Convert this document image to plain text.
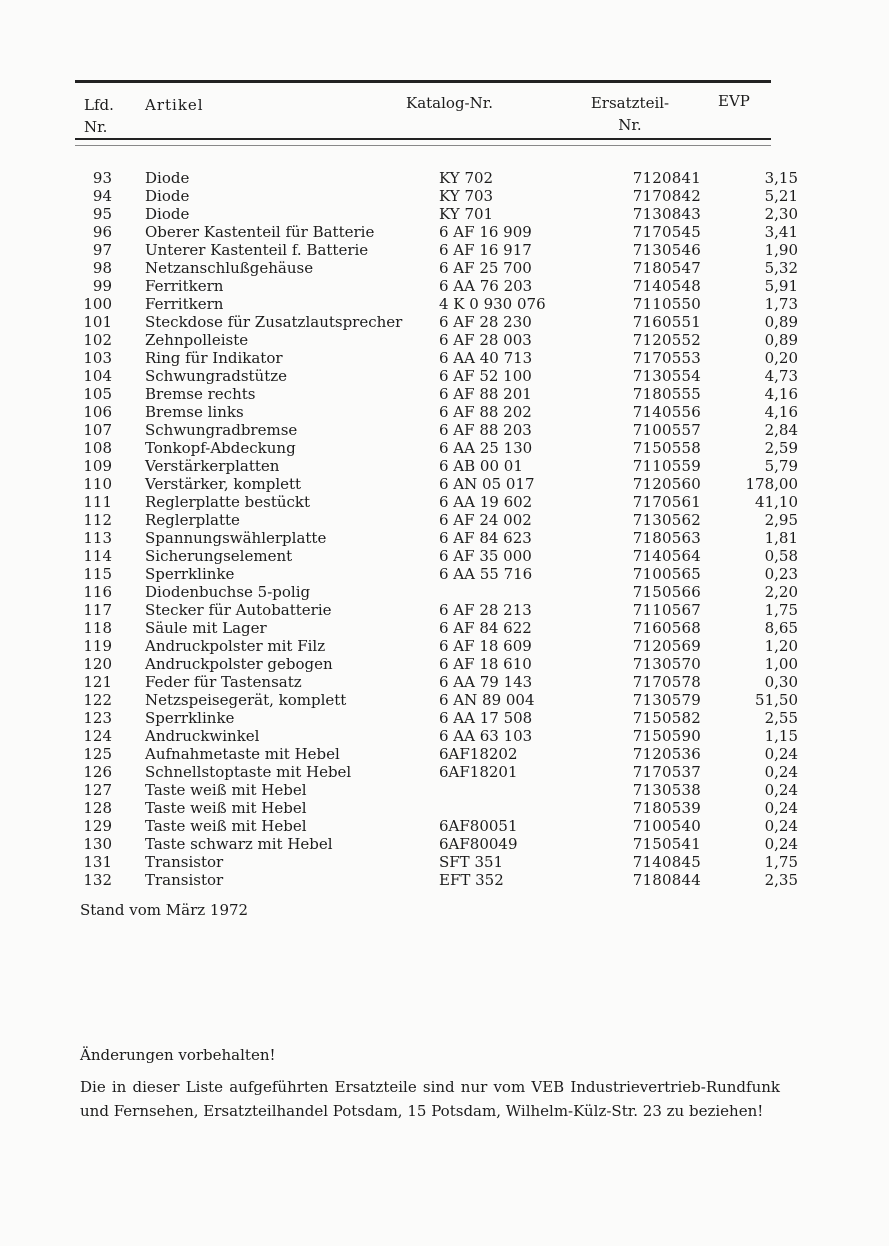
Lfd.
Nr.
Artikel	Katalog-Nr.	Ersatzteil-
Nr.
EVP
93	Diode	KY 702	7120841	3,15
94	Diode	KY 703	7170842	5,21
95	Diode	KY 701	7130843	2,30
96	Oberer Kastenteil für Batterie	6 AF 16 909	7170545	3,41
97	Unterer Kastenteil f. Batterie	6 AF 16 917	7130546	1,90
98	Netzanschlußgehäuse	6 AF 25 700	7180547	5,32
99	Ferritkern	6 AA 76 203	7140548	5,91
100	Ferritkern	4 K 0 930 076	7110550	1,73
101	Steckdose für Zusatzlautsprecher	6 AF 28 230	7160551	0,89
102	Zehnpolleiste	6 AF 28 003	7120552	0,89
103	Ring für Indikator	6 AA 40 713	7170553	0,20
104	Schwungradstütze	6 AF 52 100	7130554	4,73
105	Bremse rechts	6 AF 88 201	7180555	4,16
106	Bremse links	6 AF 88 202	7140556	4,16
107	Schwungradbremse	6 AF 88 203	7100557	2,84
108	Tonkopf-Abdeckung	6 AA 25 130	7150558	2,59
109	Verstärkerplatten	6 AB 00 01	7110559	5,79
110	Verstärker, komplett	6 AN 05 017	7120560	178,00
111	Reglerplatte bestückt	6 AA 19 602	7170561	41,10
112	Reglerplatte	6 AF 24 002	7130562	2,95
113	Spannungswählerplatte	6 AF 84 623	7180563	1,81
114	Sicherungselement	6 AF 35 000	7140564	0,58
115	Sperrklinke	6 AA 55 716	7100565	0,23
116	Diodenbuchse 5-polig		7150566	2,20
117	Stecker für Autobatterie	6 AF 28 213	7110567	1,75
118	Säule mit Lager	6 AF 84 622	7160568	8,65
119	Andruckpolster mit Filz	6 AF 18 609	7120569	1,20
120	Andruckpolster gebogen	6 AF 18 610	7130570	1,00
121	Feder für Tastensatz	6 AA 79 143	7170578	0,30
122	Netzspeisegerät, komplett	6 AN 89 004	7130579	51,50
123	Sperrklinke	6 AA 17 508	7150582	2,55
124	Andruckwinkel	6 AA 63 103	7150590	1,15
125	Aufnahmetaste mit Hebel	6AF18202	7120536	0,24
126	Schnellstoptaste mit Hebel	6AF18201	7170537	0,24
127	Taste weiß mit Hebel		7130538	0,24
128	Taste weiß mit Hebel		7180539	0,24
129	Taste weiß mit Hebel	6AF80051	7100540	0,24
130	Taste schwarz mit Hebel	6AF80049	7150541	0,24
131	Transistor	SFT 351	7140845	1,75
132	Transistor	EFT 352	7180844	2,35
Stand vom März 1972
Änderungen vorbehalten!
Die in dieser Liste aufgeführten Ersatzteile sind nur vom VEB Industrievertrieb-Rundfunk und Fernsehen, Ersatzteilhandel Potsdam, 15 Potsdam, Wilhelm-Külz-Str. 23 zu beziehen!
